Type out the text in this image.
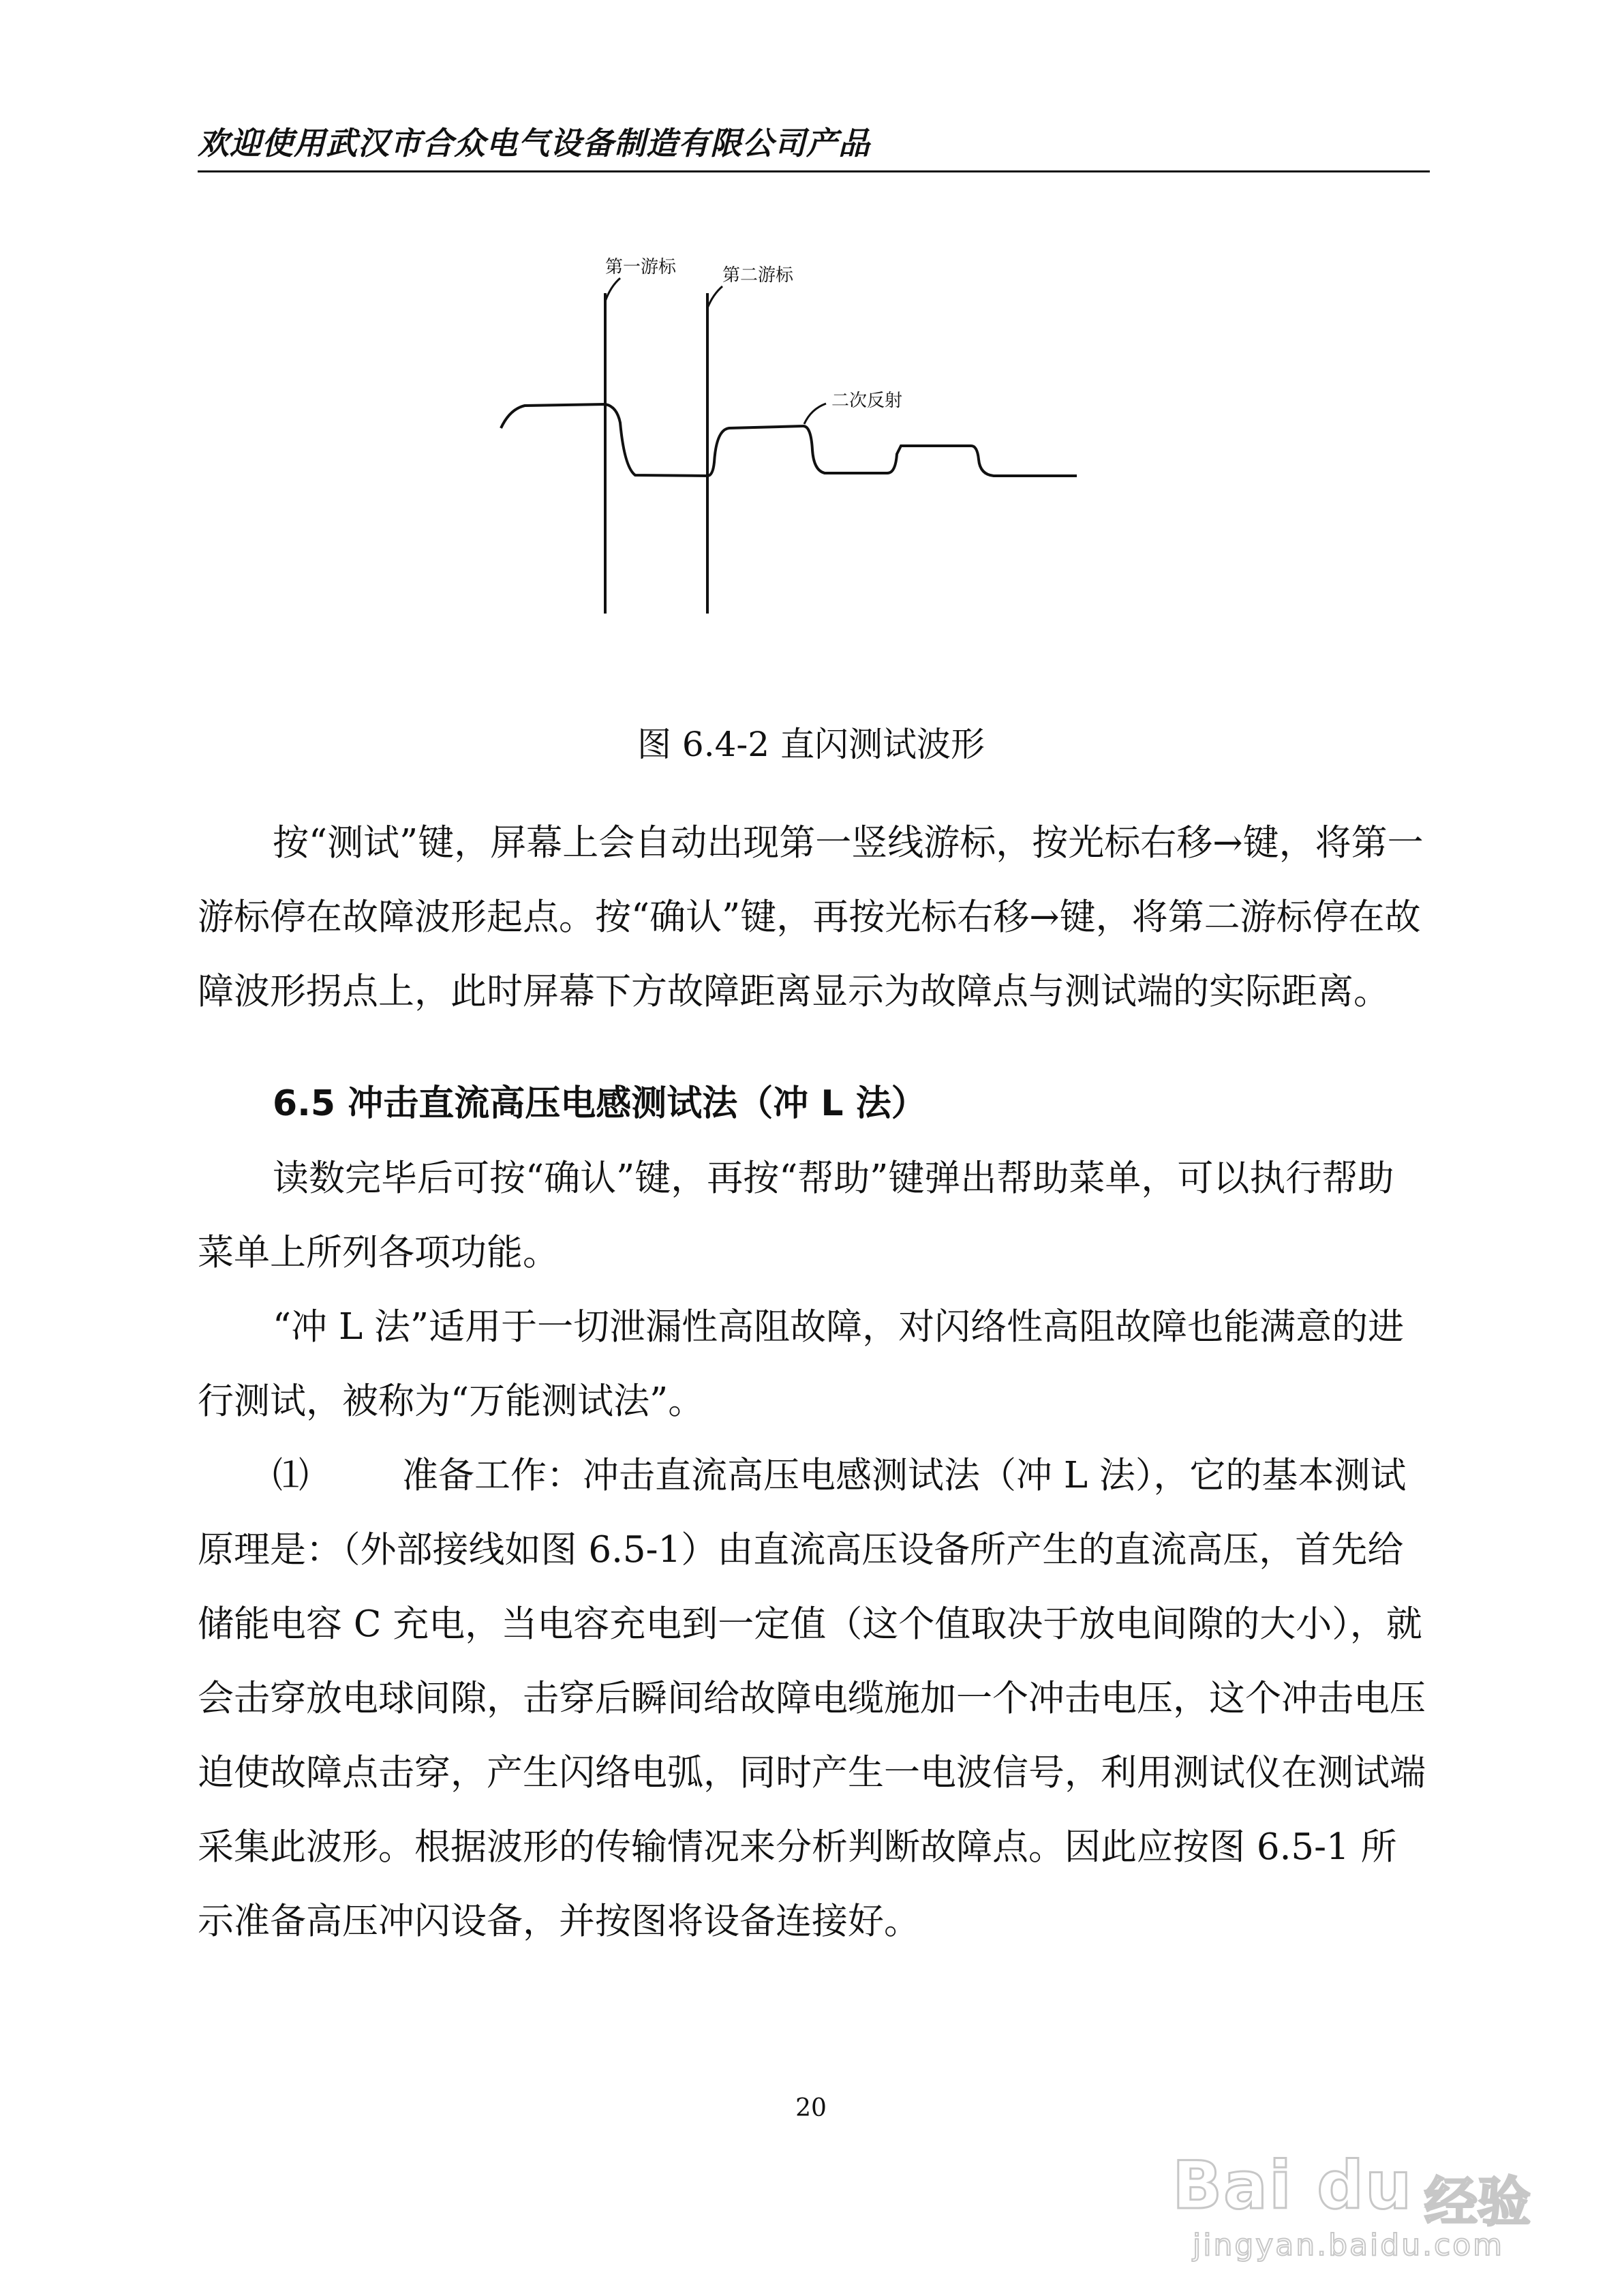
欢迎使用武汉市合众电气设备制造有限公司产品
第一游标	第二游标
二次反射
图 6.4-2 直闪测试波形

按“测试”键，屏幕上会自动出现第一竖线游标，按光标右移→键，将第一游标停在故障波形起点。按“确认”键，再按光标右移→键，将第二游标停在故障波形拐点上，此时屏幕下方故障距离显示为故障点与测试端的实际距离。

6.5 冲击直流高压电感测试法（冲 L 法）

读数完毕后可按“确认”键，再按“帮助”键弹出帮助菜单，可以执行帮助菜单上所列各项功能。

“冲 L 法”适用于一切泄漏性高阻故障，对闪络性高阻故障也能满意的进行测试，被称为“万能测试法”。

⑴	准备工作：冲击直流高压电感测试法（冲 L 法），它的基本测试原理是：（外部接线如图 6.5-1）由直流高压设备所产生的直流高压，首先给储能电容 C 充电，当电容充电到一定值（这个值取决于放电间隙的大小），就会击穿放电球间隙，击穿后瞬间给故障电缆施加一个冲击电压，这个冲击电压迫使故障点击穿，产生闪络电弧，同时产生一电波信号，利用测试仪在测试端采集此波形。根据波形的传输情况来分析判断故障点。因此应按图 6.5-1 所示准备高压冲闪设备，并按图将设备连接好。

20
Bai du 经验
jingyan.baidu.com
